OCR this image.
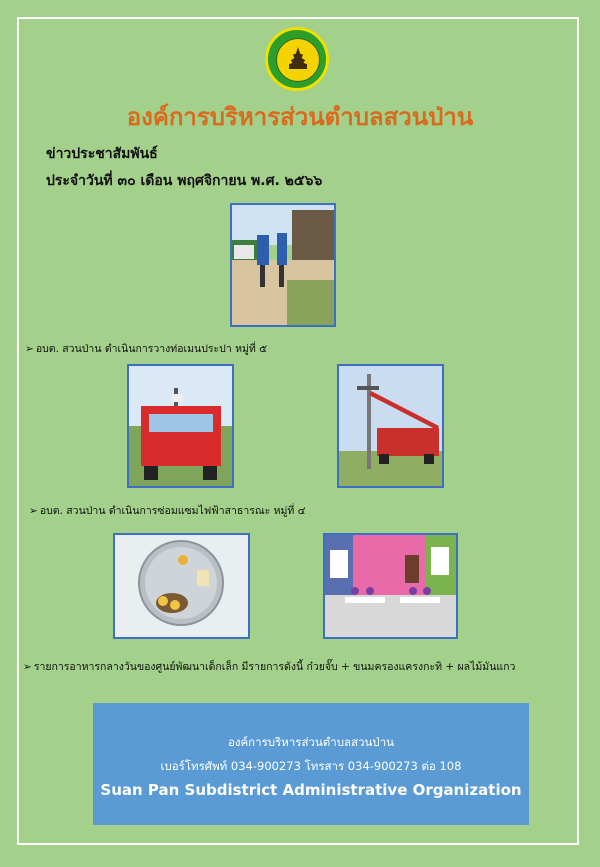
องค์การบริหารส่วนตำบลสวนป่าน
ข่าวประชาสัมพันธ์
ประจำวันที่ ๓๐ เดือน พฤศจิกายน พ.ศ. ๒๕๖๖
➢ อบต. สวนป่าน ดำเนินการวางท่อเมนประปา หมู่ที่ ๕
➢ อบต. สวนป่าน ดำเนินการซ่อมแซมไฟฟ้าสาธารณะ หมู่ที่ ๔
➢ รายการอาหารกลางวันของศูนย์พัฒนาเด็กเล็ก มีรายการดังนี้ ก๋วยจั๊บ + ขนมครองแครงกะทิ + ผลไม้มันแกว
องค์การบริหารส่วนตำบลสวนป่าน
เบอร์โทรศัพท์ 034-900273 โทรสาร 034-900273 ต่อ 108
Suan Pan Subdistrict Administrative Organization
